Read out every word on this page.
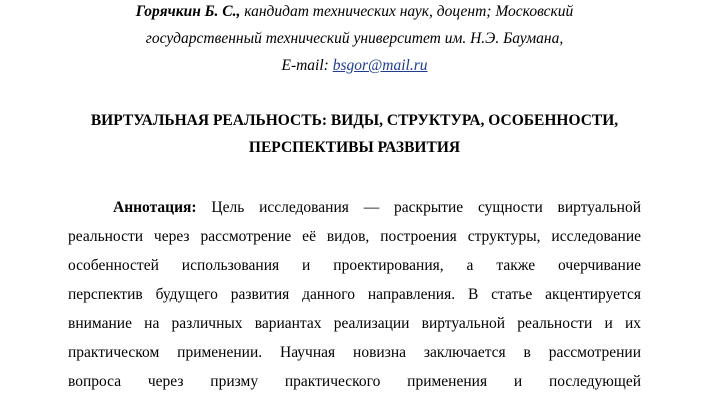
Горячкин Б. С., кандидат технических наук, доцент; Московский
государственный технический университет им. Н.Э. Баумана,
E-mail: bsgor@mail.ru
ВИРТУАЛЬНАЯ РЕАЛЬНОСТЬ: ВИДЫ, СТРУКТУРА, ОСОБЕННОСТИ,
ПЕРСПЕКТИВЫ РАЗВИТИЯ
Аннотация: Цель исследования — раскрытие сущности виртуальной
реальности через рассмотрение её видов, построения структуры, исследование
особенностей использования и проектирования, а также очерчивание
перспектив будущего развития данного направления. В статье акцентируется
внимание на различных вариантах реализации виртуальной реальности и их
практическом применении. Научная новизна заключается в рассмотрении
вопроса через призму практического применения и последующей
